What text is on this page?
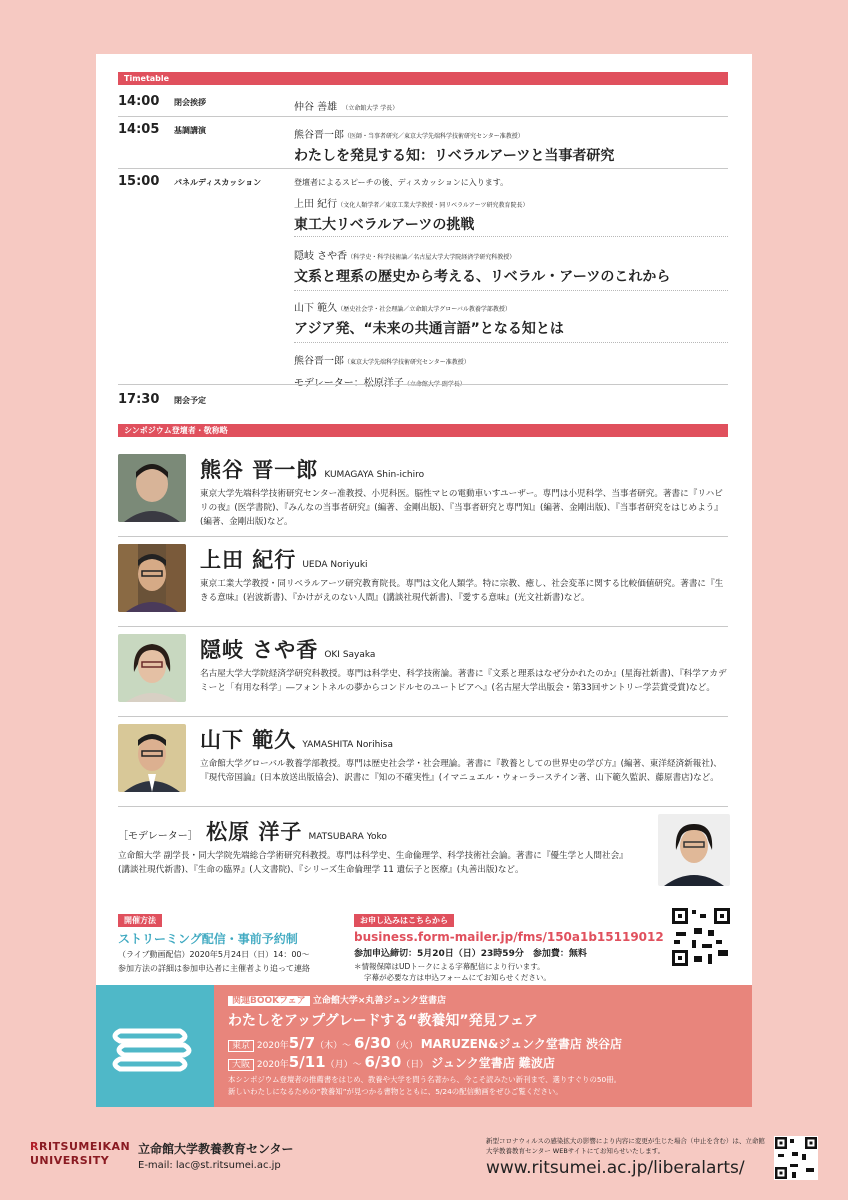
Timetable
14:00 閉会挨拶	仲谷 善雄 （立命館大学 学長）
14:05 基調講演	熊谷晋一郎（医師・当事者研究／東京大学先端科学技術研究センター准教授）
わたしを発見する知：リベラルアーツと当事者研究
15:00 パネルディスカッション	登壇者によるスピーチの後、ディスカッションに入ります。
上田 紀行（文化人類学者／東京工業大学教授・同リベラルアーツ研究教育院長）
東工大リベラルアーツの挑戦
隠岐 さや香（科学史・科学技術論／名古屋大学大学院経済学研究科教授）
文系と理系の歴史から考える、リベラル・アーツのこれから
山下 範久（歴史社会学・社会理論／立命館大学グローバル教養学部教授）
アジア発、“未来の共通言語”となる知とは
熊谷晋一郎（東京大学先端科学技術研究センター准教授）
モデレーター：松原洋子（立命館大学 副学長）
17:30 閉会予定
シンポジウム登壇者・敬称略
熊谷 晋一郎 KUMAGAYA Shin-ichiro
東京大学先端科学技術研究センター准教授、小児科医。脳性マヒの電動車いすユーザー。専門は小児科学、当事者研究。著書に『リハビリの夜』(医学書院)、『みんなの当事者研究』(編著、金剛出版)、『当事者研究と専門知』(編著、金剛出版)、『当事者研究をはじめよう』(編著、金剛出版)など。
上田 紀行 UEDA Noriyuki
東京工業大学教授・同リベラルアーツ研究教育院長。専門は文化人類学。特に宗教、癒し、社会変革に関する比較価値研究。著書に『生きる意味』(岩波新書)、『かけがえのない人間』(講談社現代新書)、『愛する意味』(光文社新書)など。
隠岐 さや香 OKI Sayaka
名古屋大学大学院経済学研究科教授。専門は科学史、科学技術論。著書に『文系と理系はなぜ分かれたのか』(星海社新書)、『科学アカデミーと「有用な科学」―フォントネルの夢からコンドルセのユートピアへ』(名古屋大学出版会・第33回サントリー学芸賞受賞)など。
山下 範久 YAMASHITA Norihisa
立命館大学グローバル教養学部教授。専門は歴史社会学・社会理論。著書に『教養としての世界史の学び方』(編著、東洋経済新報社)、『現代帝国論』(日本放送出版協会)、訳書に『知の不確実性』(イマニュエル・ウォーラーステイン著、山下範久監訳、藤原書店)など。
［モデレーター］ 松原 洋子 MATSUBARA Yoko
立命館大学 副学長・同大学院先端総合学術研究科教授。専門は科学史、生命倫理学、科学技術社会論。著書に『優生学と人間社会』(講談社現代新書)、『生命の臨界』(人文書院)、『シリーズ生命倫理学 11 遺伝子と医療』(丸善出版)など。
開催方法
ストリーミング配信・事前予約制
（ライブ動画配信）2020年5月24日（日）14：00～
参加方法の詳細は参加申込者に主催者より追って連絡
お申し込みはこちらから
business.form-mailer.jp/fms/150a1b15119012
参加申込締切：5月20日（日）23時59分　 参加費：無料
＊情報保障はUDトークによる字幕配信により行います。
字幕が必要な方は申込フォームにてお知らせください。
関連BOOKフェア 立命館大学×丸善ジュンク堂書店
わたしをアップグレードする“教養知”発見フェア
東京 2020年5/7（木）～ 6/30（火） MARUZEN&ジュンク堂書店 渋谷店
大阪 2020年5/11（月）～ 6/30（日） ジュンク堂書店 難波店
本シンポジウム登壇者の推薦書をはじめ、教養や大学を問う名著から、今こそ読みたい新刊まで、選りすぐりの50冊。
新しいわたしになるための“教養知”が見つかる書物とともに、5/24の配信動画をぜひご覧ください。
RRITSUMEIKAN
UNIVERSITY
立命館大学教養教育センター
E-mail: lac@st.ritsumei.ac.jp
新型コロナウィルスの感染拡大の影響により内容に変更が生じた場合（中止を含む）は、立命館大学教養教育センター WEBサイトにてお知らせいたします。
www.ritsumei.ac.jp/liberalarts/
